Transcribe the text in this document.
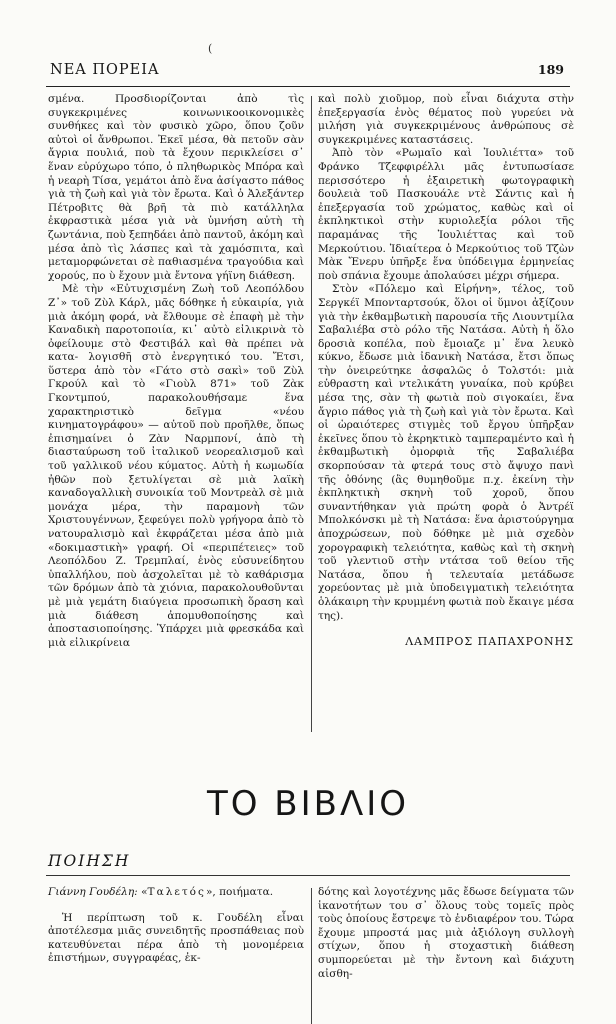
(
ΝΕΑ ΠΟΡΕΙΑ	189

σμένα. Προσδιορίζονται ἀπὸ τὶς συγκεκριμένες κοινωνικοοικονομικὲς συνθήκες καὶ τὸν φυσικὸ χῶρο, ὅπου ζοῦν αὐτοὶ οἱ ἄνθρωποι. Ἐκεῖ μέσα, θὰ πετοῦν σὰν ἄγρια πουλιά, ποὺ τὰ ἔχουν περικλείσει σ᾽ ἕναν εὐρύχωρο τόπο, ὁ πληθωρικὸς Μπόρα καὶ ἡ νεαρὴ Τίσα, γεμάτοι ἀπὸ ἕνα ἀσίγαστο πάθος γιὰ τὴ ζωὴ καὶ γιὰ τὸν ἔρωτα. Καὶ ὁ Ἀλεξάντερ Πέτροβιτς θὰ βρῆ τὰ πιὸ κατάλληλα ἐκφραστικὰ μέσα γιὰ νὰ ὑμνήση αὐτὴ τὴ ζωντάνια, ποὺ ξεπηδάει ἀπὸ παντοῦ, ἀκόμη καὶ μέσα ἀπὸ τὶς λάσπες καὶ τὰ χαμόσπιτα, καὶ μεταμορφώνεται σὲ παθιασμένα τραγούδια καὶ χορούς, πο ὺ ἔχουν μιὰ ἔντονα γήϊνη διάθεση.

Μὲ τὴν «Εὐτυχισμένη Ζωὴ τοῦ Λεοπόλδου Ζ᾽» τοῦ Ζὺλ Κάρλ, μᾶς δόθηκε ἡ εὐκαιρία, γιὰ μιὰ ἀκόμη φορά, νὰ ἔλθουμε σὲ ἐπαφὴ μὲ τὴν Καναδικὴ παροτοποιία, κι᾽ αὐτὸ εἰλικρινὰ τὸ ὀφείλουμε στὸ Φεστιβάλ καὶ θὰ πρέπει νὰ κατα- λογισθῆ στὸ ἐνεργητικό του. Ἔτσι, ὕστερα ἀπὸ τὸν «Γάτο στὸ σακὶ» τοῦ Ζὺλ Γκρούλ καὶ τὸ «Γιοὺλ 871» τοῦ Ζὰκ Γκοντμπού, παρακολουθήσαμε ἕνα χαρακτηριστικὸ δεῖγμα «νέου κινηματογράφου» — αὐτοῦ ποὺ προῆλθε, ὅπως ἐπισημαίνει ὁ Ζὰν Ναρμπονί, ἀπὸ τὴ διασταύρωση τοῦ ἰταλικοῦ νεορεαλισμοῦ καὶ τοῦ γαλλικοῦ νέου κύματος. Αὐτὴ ἡ κωμωδία ἠθῶν ποὺ ξετυλίγεται σὲ μιὰ λαϊκὴ καναδογαλλικὴ συνοικία τοῦ Μοντρεὰλ σὲ μιὰ μονάχα μέρα, τὴν παραμονὴ τῶν Χριστουγέννων, ξεφεύγει πολὺ γρήγορα ἀπὸ τὸ νατουραλισμὸ καὶ ἐκφράζεται μέσα ἀπὸ μιὰ «δοκιμαστικὴ» γραφή. Οἱ «περιπέτειες» τοῦ Λεοπόλδου Ζ. Τρεμπλαί, ἑνὸς εὐσυνείδητου ὑπαλλήλου, ποὺ ἀσχολεῖται μὲ τὸ καθάρισμα τῶν δρόμων ἀπὸ τὰ χιόνια, παρακολουθοῦνται μὲ μιὰ γεμάτη διαύγεια προσωπικὴ ὅραση καὶ μιὰ διάθεση ἀπομυθοποίησης καὶ ἀποστασιοποίησης. Ὑπάρχει μιὰ φρεσκάδα καὶ μιὰ εἰλικρίνεια

καὶ πολὺ χιοῦμορ, ποὺ εἶναι διάχυτα στὴν ἐπεξεργασία ἑνὸς θέματος ποὺ γυρεύει νὰ μιλήση γιὰ συγκεκριμένους ἀνθρώπους σὲ συγκεκριμένες καταστάσεις.

Ἀπὸ τὸν «Ρωμαῖο καὶ Ἰουλιέττα» τοῦ Φράνκο Τζεφφιρέλλι μᾶς ἐντυπωσίασε περισσότερο ἡ ἐξαιρετικὴ φωτογραφικὴ δουλειὰ τοῦ Πασκουάλε ντὲ Σάντις καὶ ἡ ἐπεξεργασία τοῦ χρώματος, καθὼς καὶ οἱ ἐκπληκτικοὶ στὴν κυριολεξία ρόλοι τῆς παραμάνας τῆς Ἰουλιέττας καὶ τοῦ Μερκούτιου. Ἰδιαίτερα ὁ Μερκούτιος τοῦ Τζὼν Μὰκ Ἔνερυ ὑπῆρξε ἕνα ὑπόδειγμα ἑρμηνείας ποὺ σπάνια ἔχουμε ἀπολαύσει μέχρι σήμερα.

Στὸν «Πόλεμο καὶ Εἰρήνη», τέλος, τοῦ Σεργκέϊ Μπονταρτσούκ, ὅλοι οἱ ὕμνοι ἀξίζουν γιὰ τὴν ἐκθαμβωτικὴ παρουσία τῆς Λιουντμίλα Σαβαλιέβα στὸ ρόλο τῆς Νατάσα. Αὐτὴ ἡ ὅλο δροσιὰ κοπέλα, ποὺ ἔμοιαζε μ᾽ ἕνα λευκὸ κύκνο, ἔδωσε μιὰ ἰδανικὴ Νατάσα, ἔτσι ὅπως τὴν ὀνειρεύτηκε ἀσφαλῶς ὁ Τολστόι: μιὰ εὐθραστη καὶ ντελικάτη γυναίκα, ποὺ κρύβει μέσα της, σὰν τὴ φωτιὰ ποὺ σιγοκαίει, ἕνα ἄγριο πάθος γιὰ τὴ ζωὴ καὶ γιὰ τὸν ἔρωτα. Καὶ οἱ ὡραιότερες στιγμὲς τοῦ ἔργου ὑπῆρξαν ἐκεῖνες ὅπου τὸ ἐκρηκτικὸ ταμπεραμέντο καὶ ἡ ἐκθαμβωτικὴ ὀμορφιὰ τῆς Σαβαλιέβα σκορπούσαν τὰ φτερά τους στὸ ἄψυχο πανὶ τῆς ὀθόνης (ἂς θυμηθοῦμε π.χ. ἐκείνη τὴν ἐκπληκτικὴ σκηνὴ τοῦ χοροῦ, ὅπου συναντήθηκαν γιὰ πρώτη φορὰ ὁ Ἀντρέϊ Μπολκόνσκι μὲ τὴ Νατάσα: ἕνα ἀριστούργημα ἀποχρώσεων, ποὺ δόθηκε μὲ μιὰ σχεδὸν χορογραφικὴ τελειότητα, καθὼς καὶ τὴ σκηνὴ τοῦ γλεντιοῦ στὴν ντάτσα τοῦ θείου τῆς Νατάσα, ὅπου ἡ τελευταία μετάδωσε χορεύοντας μὲ μιὰ ὑποδειγματικὴ τελειότητα ὁλάκαιρη τὴν κρυμμένη φωτιὰ ποὺ ἔκαιγε μέσα της).

ΛΑΜΠΡΟΣ ΠΑΠΑΧΡΟΝΗΣ

ΤΟ ΒΙΒΛΙΟ
ΠΟΙΗΣΗ

Γιάννη Γουδέλη: «Ταλετός», ποιήματα.

Ἡ περίπτωση τοῦ κ. Γουδέλη εἶναι ἀποτέλεσμα μιᾶς συνειδητῆς προσπάθειας ποὺ κατευθύνεται πέρα ἀπὸ τὴ μονομέρεια ἐπιστήμων, συγγραφέας, ἐκ-

δότης καὶ λογοτέχνης μᾶς ἔδωσε δείγματα τῶν ἱκανοτήτων του σ᾽ ὅλους τοὺς τομεῖς πρὸς τοὺς ὁποίους ἔστρεψε τὸ ἐνδιαφέρον του. Τώρα ἔχουμε μπροστά μας μιὰ ἀξιόλογη συλλογὴ στίχων, ὅπου ἡ στοχαστικὴ διάθεση συμπορεύεται μὲ τὴν ἔντονη καὶ διάχυτη αἰσθη-
